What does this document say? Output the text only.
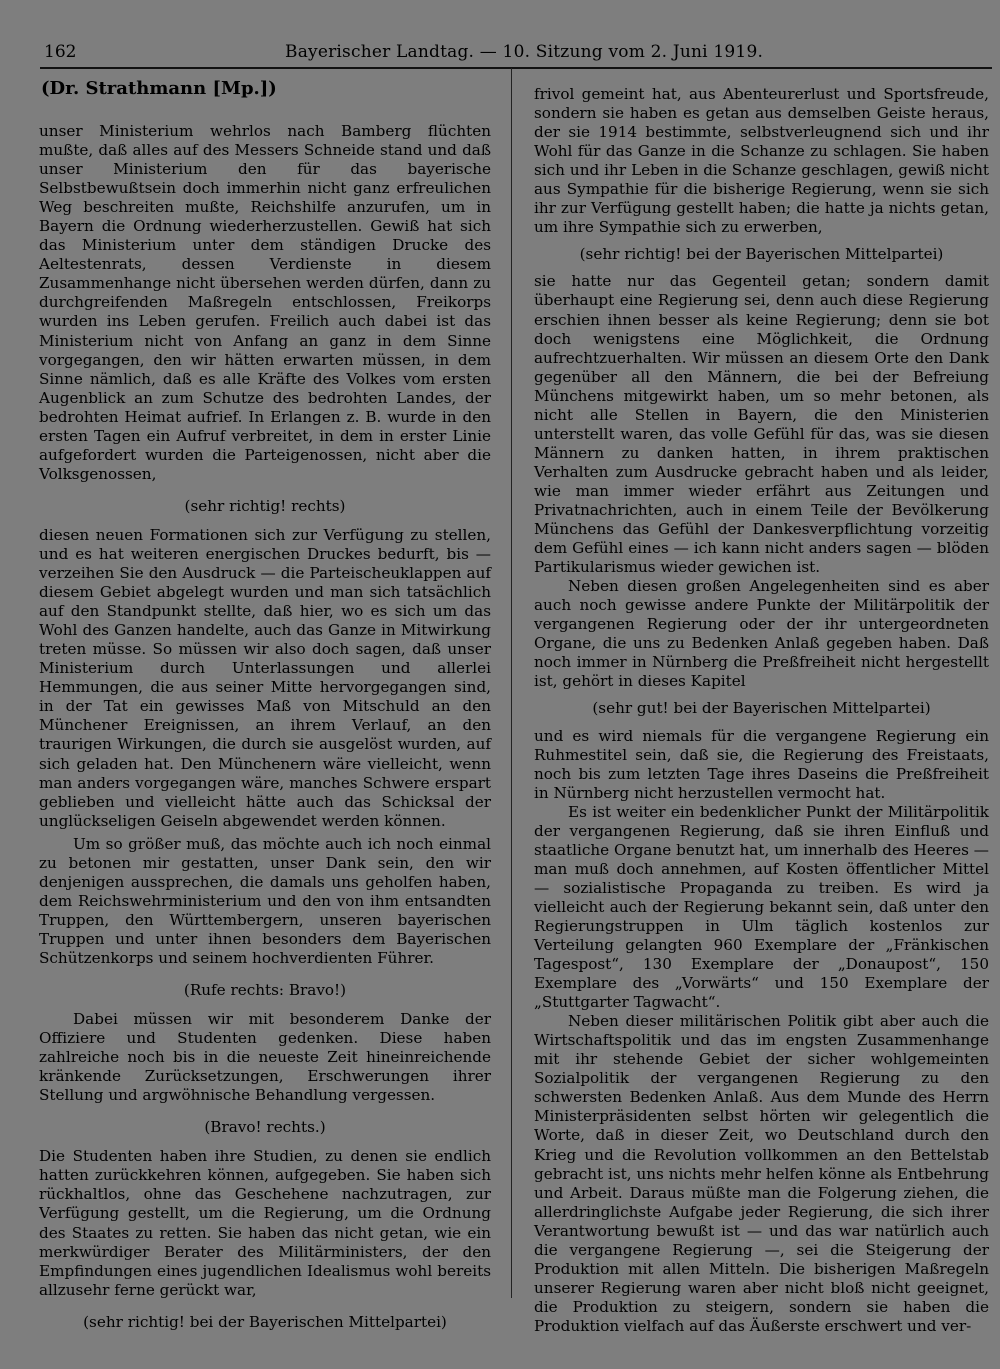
162	Bayerischer Landtag. — 10. Sitzung vom 2. Juni 1919.

(Dr. Strathmann [Mp.])

unser Ministerium wehrlos nach Bamberg flüchten mußte, daß alles auf des Messers Schneide stand und daß unser Ministerium den für das bayerische Selbstbewußtsein doch immerhin nicht ganz erfreulichen Weg beschreiten mußte, Reichshilfe anzurufen, um in Bayern die Ordnung wiederherzustellen. Gewiß hat sich das Ministerium unter dem ständigen Drucke des Aeltestenrats, dessen Verdienste in diesem Zusammenhange nicht übersehen werden dürfen, dann zu durchgreifenden Maßregeln entschlossen, Freikorps wurden ins Leben gerufen. Freilich auch dabei ist das Ministerium nicht von Anfang an ganz in dem Sinne vorgegangen, den wir hätten erwarten müssen, in dem Sinne nämlich, daß es alle Kräfte des Volkes vom ersten Augenblick an zum Schutze des bedrohten Landes, der bedrohten Heimat aufrief. In Erlangen z. B. wurde in den ersten Tagen ein Aufruf verbreitet, in dem in erster Linie aufgefordert wurden die Parteigenossen, nicht aber die Volksgenossen,

(sehr richtig! rechts)

diesen neuen Formationen sich zur Verfügung zu stellen, und es hat weiteren energischen Druckes bedurft, bis — verzeihen Sie den Ausdruck — die Parteischeuklappen auf diesem Gebiet abgelegt wurden und man sich tatsächlich auf den Standpunkt stellte, daß hier, wo es sich um das Wohl des Ganzen handelte, auch das Ganze in Mitwirkung treten müsse. So müssen wir also doch sagen, daß unser Ministerium durch Unterlassungen und allerlei Hemmungen, die aus seiner Mitte hervorgegangen sind, in der Tat ein gewisses Maß von Mitschuld an den Münchener Ereignissen, an ihrem Verlauf, an den traurigen Wirkungen, die durch sie ausgelöst wurden, auf sich geladen hat. Den Münchenern wäre vielleicht, wenn man anders vorgegangen wäre, manches Schwere erspart geblieben und vielleicht hätte auch das Schicksal der unglückseligen Geiseln abgewendet werden können.

Um so größer muß, das möchte auch ich noch einmal zu betonen mir gestatten, unser Dank sein, den wir denjenigen aussprechen, die damals uns geholfen haben, dem Reichswehrministerium und den von ihm entsandten Truppen, den Württembergern, unseren bayerischen Truppen und unter ihnen besonders dem Bayerischen Schützenkorps und seinem hochverdienten Führer.

(Rufe rechts: Bravo!)

Dabei müssen wir mit besonderem Danke der Offiziere und Studenten gedenken. Diese haben zahlreiche noch bis in die neueste Zeit hineinreichende kränkende Zurücksetzungen, Erschwerungen ihrer Stellung und argwöhnische Behandlung vergessen.

(Bravo! rechts.)

Die Studenten haben ihre Studien, zu denen sie endlich hatten zurückkehren können, aufgegeben. Sie haben sich rückhaltlos, ohne das Geschehene nachzutragen, zur Verfügung gestellt, um die Regierung, um die Ordnung des Staates zu retten. Sie haben das nicht getan, wie ein merkwürdiger Berater des Militärministers, der den Empfindungen eines jugendlichen Idealismus wohl bereits allzusehr ferne gerückt war,

(sehr richtig! bei der Bayerischen Mittelpartei)

frivol gemeint hat, aus Abenteurerlust und Sportsfreude, sondern sie haben es getan aus demselben Geiste heraus, der sie 1914 bestimmte, selbstverleugnend sich und ihr Wohl für das Ganze in die Schanze zu schlagen. Sie haben sich und ihr Leben in die Schanze geschlagen, gewiß nicht aus Sympathie für die bisherige Regierung, wenn sie sich ihr zur Verfügung gestellt haben; die hatte ja nichts getan, um ihre Sympathie sich zu erwerben,

(sehr richtig! bei der Bayerischen Mittelpartei)

sie hatte nur das Gegenteil getan; sondern damit überhaupt eine Regierung sei, denn auch diese Regierung erschien ihnen besser als keine Regierung; denn sie bot doch wenigstens eine Möglichkeit, die Ordnung aufrechtzuerhalten. Wir müssen an diesem Orte den Dank gegenüber all den Männern, die bei der Befreiung Münchens mitgewirkt haben, um so mehr betonen, als nicht alle Stellen in Bayern, die den Ministerien unterstellt waren, das volle Gefühl für das, was sie diesen Männern zu danken hatten, in ihrem praktischen Verhalten zum Ausdrucke gebracht haben und als leider, wie man immer wieder erfährt aus Zeitungen und Privatnachrichten, auch in einem Teile der Bevölkerung Münchens das Gefühl der Dankesverpflichtung vorzeitig dem Gefühl eines — ich kann nicht anders sagen — blöden Partikularismus wieder gewichen ist.

Neben diesen großen Angelegenheiten sind es aber auch noch gewisse andere Punkte der Militärpolitik der vergangenen Regierung oder der ihr untergeordneten Organe, die uns zu Bedenken Anlaß gegeben haben. Daß noch immer in Nürnberg die Preßfreiheit nicht hergestellt ist, gehört in dieses Kapitel

(sehr gut! bei der Bayerischen Mittelpartei)

und es wird niemals für die vergangene Regierung ein Ruhmestitel sein, daß sie, die Regierung des Freistaats, noch bis zum letzten Tage ihres Daseins die Preßfreiheit in Nürnberg nicht herzustellen vermocht hat.

Es ist weiter ein bedenklicher Punkt der Militärpolitik der vergangenen Regierung, daß sie ihren Einfluß und staatliche Organe benutzt hat, um innerhalb des Heeres — man muß doch annehmen, auf Kosten öffentlicher Mittel — sozialistische Propaganda zu treiben. Es wird ja vielleicht auch der Regierung bekannt sein, daß unter den Regierungstruppen in Ulm täglich kostenlos zur Verteilung gelangten 960 Exemplare der „Fränkischen Tagespost“, 130 Exemplare der „Donaupost“, 150 Exemplare des „Vorwärts“ und 150 Exemplare der „Stuttgarter Tagwacht“.

Neben dieser militärischen Politik gibt aber auch die Wirtschaftspolitik und das im engsten Zusammenhange mit ihr stehende Gebiet der sicher wohlgemeinten Sozialpolitik der vergangenen Regierung zu den schwersten Bedenken Anlaß. Aus dem Munde des Herrn Ministerpräsidenten selbst hörten wir gelegentlich die Worte, daß in dieser Zeit, wo Deutschland durch den Krieg und die Revolution vollkommen an den Bettelstab gebracht ist, uns nichts mehr helfen könne als Entbehrung und Arbeit. Daraus müßte man die Folgerung ziehen, die allerdringlichste Aufgabe jeder Regierung, die sich ihrer Verantwortung bewußt ist — und das war natürlich auch die vergangene Regierung —, sei die Steigerung der Produktion mit allen Mitteln. Die bisherigen Maßregeln unserer Regierung waren aber nicht bloß nicht geeignet, die Produktion zu steigern, sondern sie haben die Produktion vielfach auf das Äußerste erschwert und ver-
